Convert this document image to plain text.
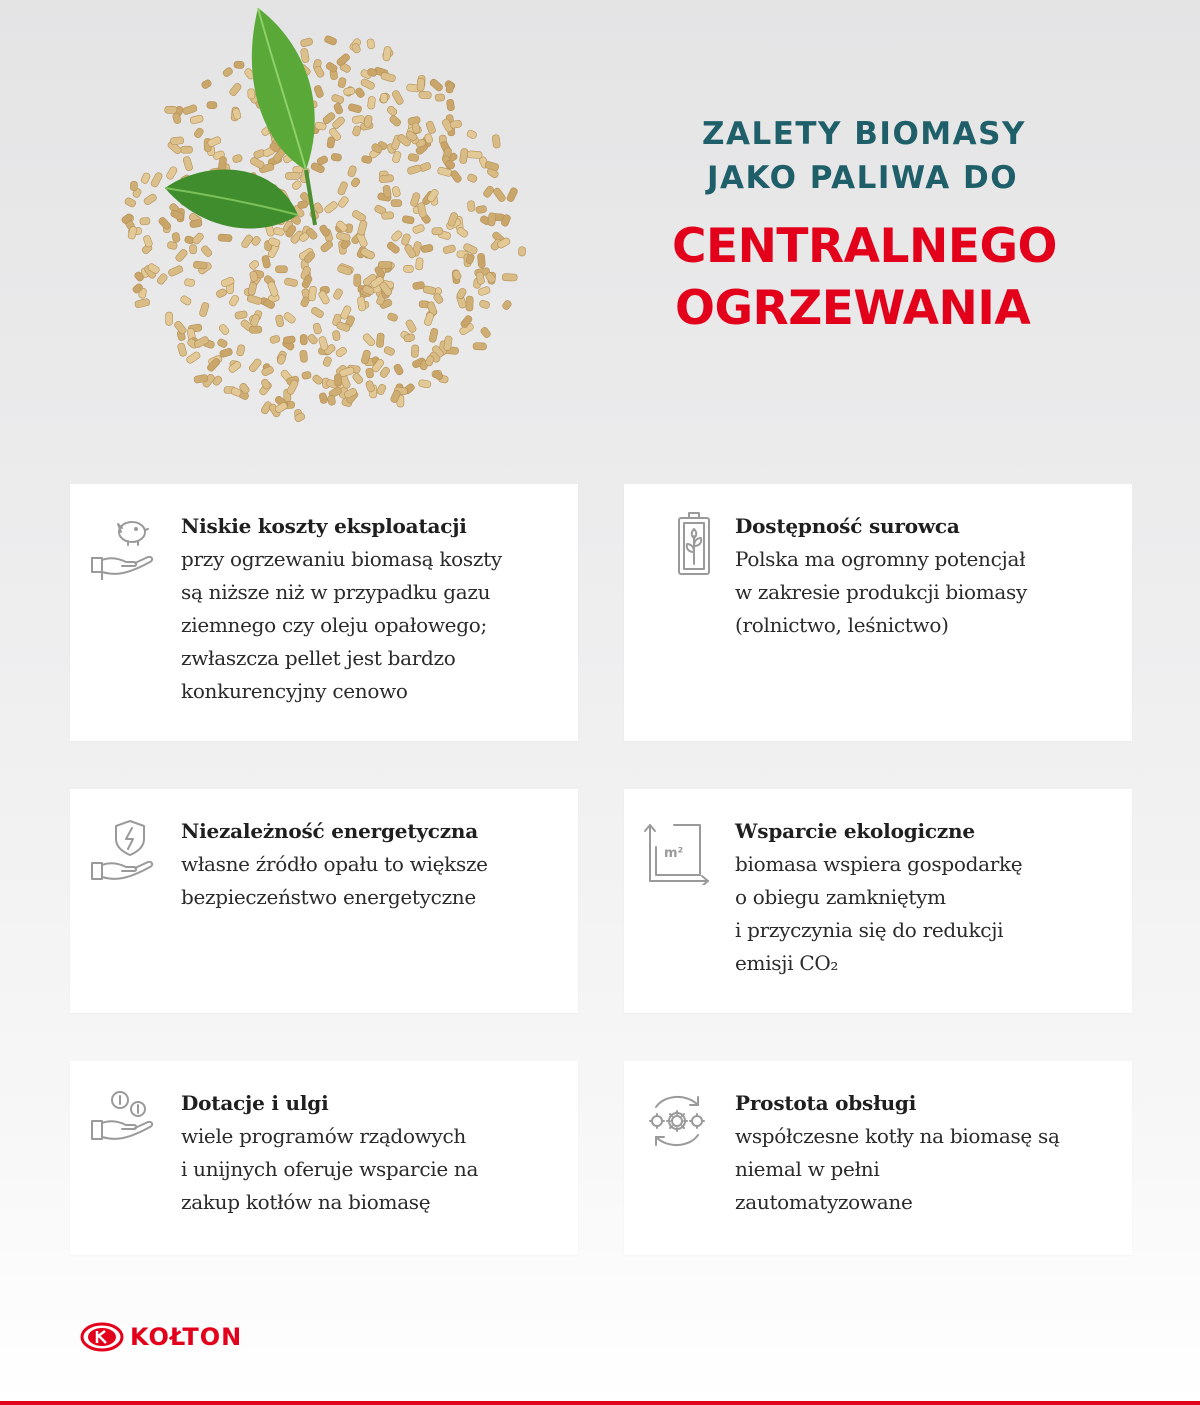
ZALETY BIOMASY
JAKO PALIWA DO
CENTRALNEGO
OGRZEWANIA
Niskie koszty eksploatacji
przy ogrzewaniu biomasą koszty
są niższe niż w przypadku gazu
ziemnego czy oleju opałowego;
zwłaszcza pellet jest bardzo
konkurencyjny cenowo
Dostępność surowca
Polska ma ogromny potencjał
w zakresie produkcji biomasy
(rolnictwo, leśnictwo)
Niezależność energetyczna
własne źródło opału to większe
bezpieczeństwo energetyczne
m²
Wsparcie ekologiczne
biomasa wspiera gospodarkę
o obiegu zamkniętym
i przyczynia się do redukcji
emisji CO₂
Dotacje i ulgi
wiele programów rządowych
i unijnych oferuje wsparcie na
zakup kotłów na biomasę
Prostota obsługi
współczesne kotły na biomasę są
niemal w pełni
zautomatyzowane
KOŁTON
